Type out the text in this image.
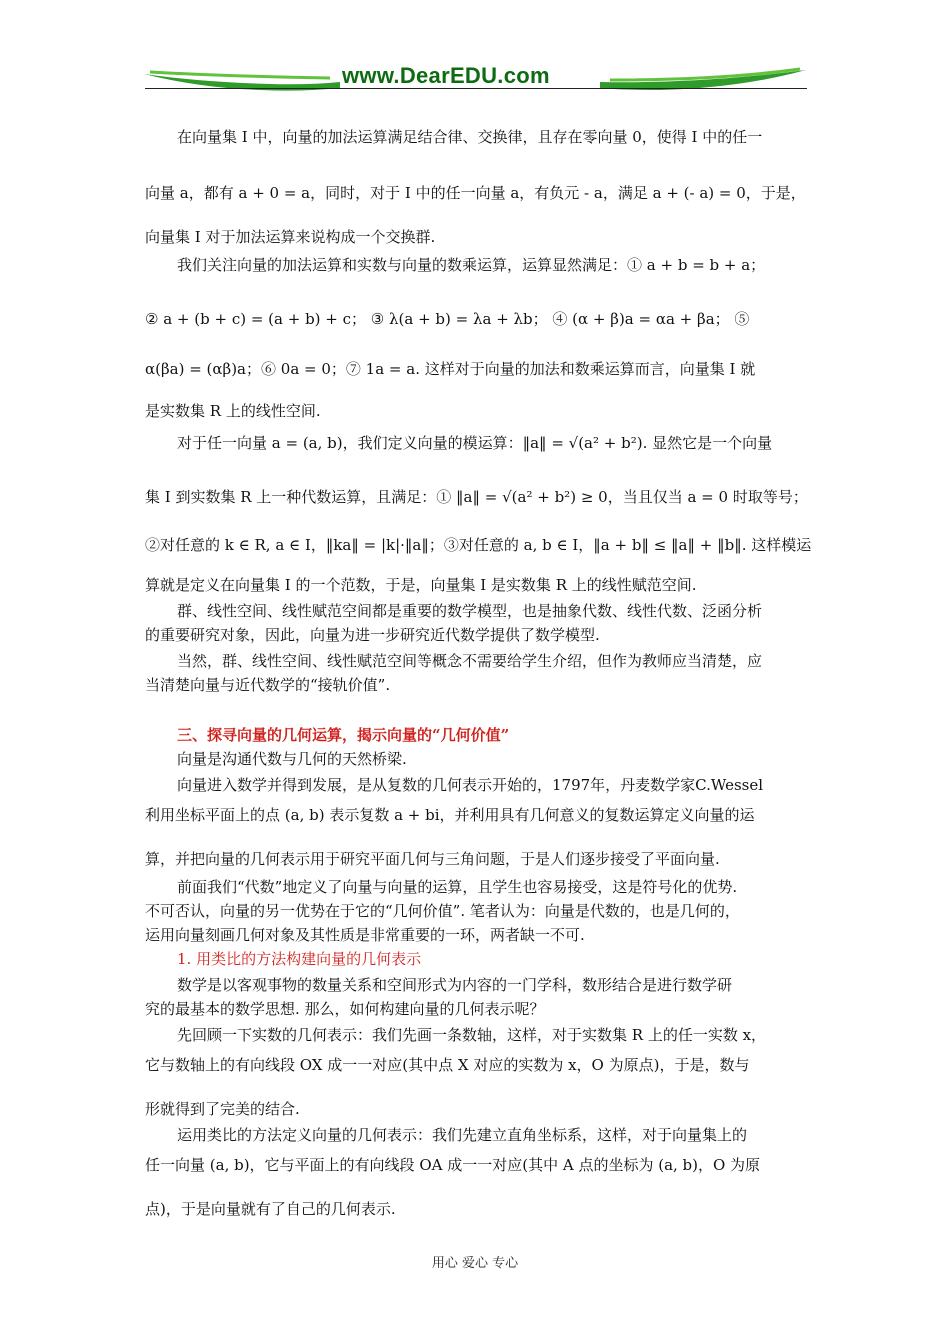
www.DearEDU.com
在向量集 I 中，向量的加法运算满足结合律、交换律，且存在零向量 0，使得 I 中的任一
向量 a，都有 a + 0 = a，同时，对于 I 中的任一向量 a，有负元 - a，满足 a + (- a) = 0，于是，
向量集 I 对于加法运算来说构成一个交换群.
我们关注向量的加法运算和实数与向量的数乘运算，运算显然满足：① a + b = b + a；
② a + (b + c) = (a + b) + c； ③ λ(a + b) = λa + λb； ④ (α + β)a = αa + βa； ⑤
α(βa) = (αβ)a；⑥ 0a = 0；⑦ 1a = a. 这样对于向量的加法和数乘运算而言，向量集 I 就
是实数集 R 上的线性空间.
对于任一向量 a = (a, b)，我们定义向量的模运算：‖a‖ = √(a² + b²). 显然它是一个向量
集 I 到实数集 R 上一种代数运算，且满足：① ‖a‖ = √(a² + b²) ≥ 0，当且仅当 a = 0 时取等号；
②对任意的 k ∈ R, a ∈ I，‖ka‖ = |k|·‖a‖；③对任意的 a, b ∈ I，‖a + b‖ ≤ ‖a‖ + ‖b‖. 这样模运
算就是定义在向量集 I 的一个范数，于是，向量集 I 是实数集 R 上的线性赋范空间.
群、线性空间、线性赋范空间都是重要的数学模型，也是抽象代数、线性代数、泛函分析
的重要研究对象，因此，向量为进一步研究近代数学提供了数学模型.
当然，群、线性空间、线性赋范空间等概念不需要给学生介绍，但作为教师应当清楚，应
当清楚向量与近代数学的“接轨价值”.
三、探寻向量的几何运算，揭示向量的“几何价值”
向量是沟通代数与几何的天然桥梁.
向量进入数学并得到发展，是从复数的几何表示开始的，1797年，丹麦数学家C.Wessel
利用坐标平面上的点 (a, b) 表示复数 a + bi，并利用具有几何意义的复数运算定义向量的运
算，并把向量的几何表示用于研究平面几何与三角问题，于是人们逐步接受了平面向量.
前面我们“代数”地定义了向量与向量的运算，且学生也容易接受，这是符号化的优势.
不可否认，向量的另一优势在于它的“几何价值”. 笔者认为：向量是代数的，也是几何的，
运用向量刻画几何对象及其性质是非常重要的一环，两者缺一不可.
1. 用类比的方法构建向量的几何表示
数学是以客观事物的数量关系和空间形式为内容的一门学科，数形结合是进行数学研
究的最基本的数学思想. 那么，如何构建向量的几何表示呢？
先回顾一下实数的几何表示：我们先画一条数轴，这样，对于实数集 R 上的任一实数 x，
它与数轴上的有向线段 OX 成一一对应(其中点 X 对应的实数为 x，O 为原点)，于是，数与
形就得到了完美的结合.
运用类比的方法定义向量的几何表示：我们先建立直角坐标系，这样，对于向量集上的
任一向量 (a, b)，它与平面上的有向线段 OA 成一一对应(其中 A 点的坐标为 (a, b)，O 为原
点)，于是向量就有了自己的几何表示.
用心 爱心 专心
